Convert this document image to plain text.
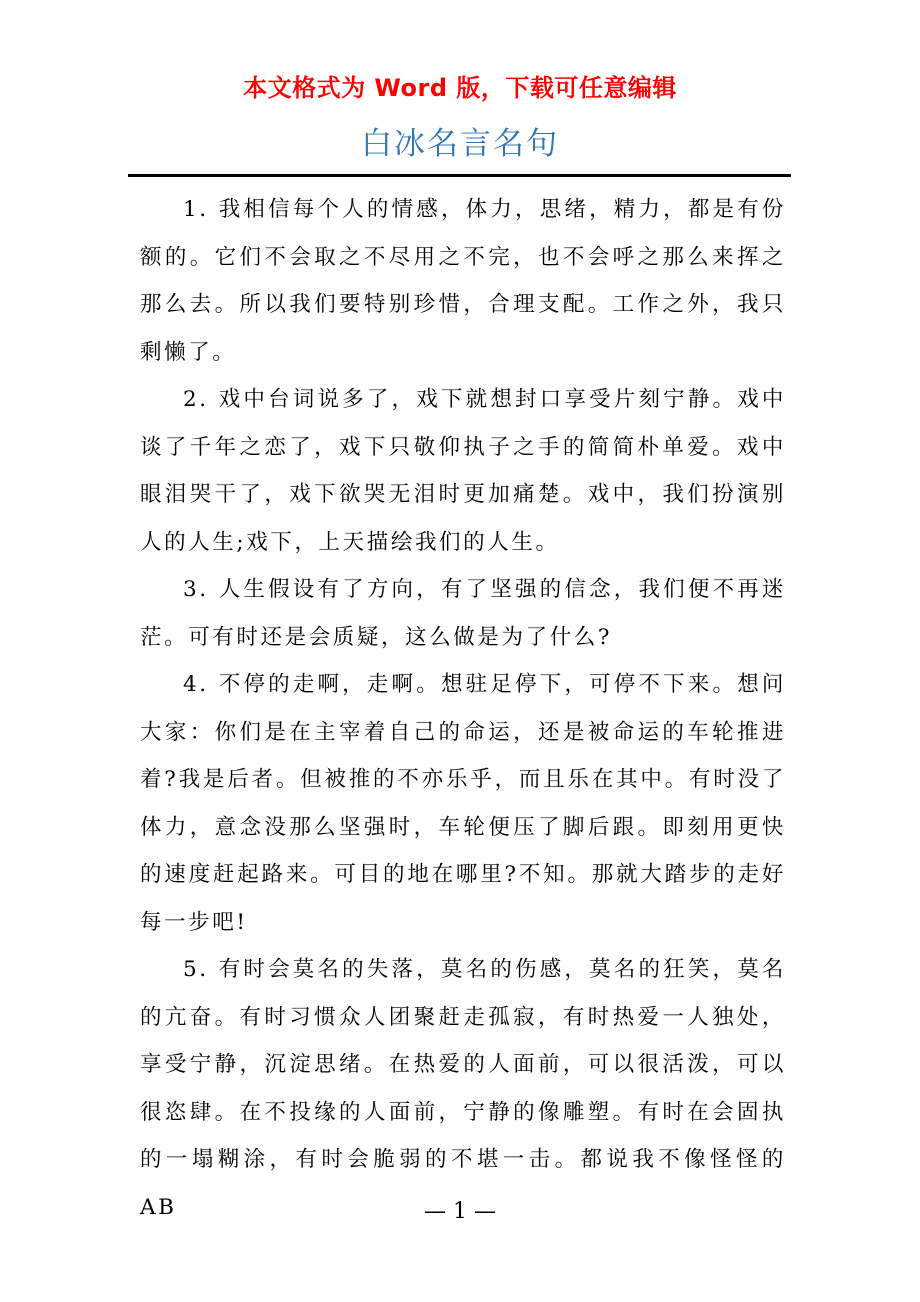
本文格式为 Word 版，下载可任意编辑
白冰名言名句

1. 我相信每个人的情感，体力，思绪，精力，都是有份额的。它们不会取之不尽用之不完，也不会呼之那么来挥之那么去。所以我们要特别珍惜，合理支配。工作之外，我只剩懒了。

2. 戏中台词说多了，戏下就想封口享受片刻宁静。戏中谈了千年之恋了，戏下只敬仰执子之手的简简朴单爱。戏中眼泪哭干了，戏下欲哭无泪时更加痛楚。戏中，我们扮演别人的人生;戏下，上天描绘我们的人生。

3. 人生假设有了方向，有了坚强的信念，我们便不再迷茫。可有时还是会质疑，这么做是为了什么?

4. 不停的走啊，走啊。想驻足停下，可停不下来。想问大家：你们是在主宰着自己的命运，还是被命运的车轮推进着?我是后者。但被推的不亦乐乎，而且乐在其中。有时没了体力，意念没那么坚强时，车轮便压了脚后跟。即刻用更快的速度赶起路来。可目的地在哪里?不知。那就大踏步的走好每一步吧!

5. 有时会莫名的失落，莫名的伤感，莫名的狂笑，莫名的亢奋。有时习惯众人团聚赶走孤寂，有时热爱一人独处，享受宁静，沉淀思绪。在热爱的人面前，可以很活泼，可以很恣肆。在不投缘的人面前，宁静的像雕塑。有时在会固执的一塌糊涂，有时会脆弱的不堪一击。都说我不像怪怪的 AB	— 1 —
